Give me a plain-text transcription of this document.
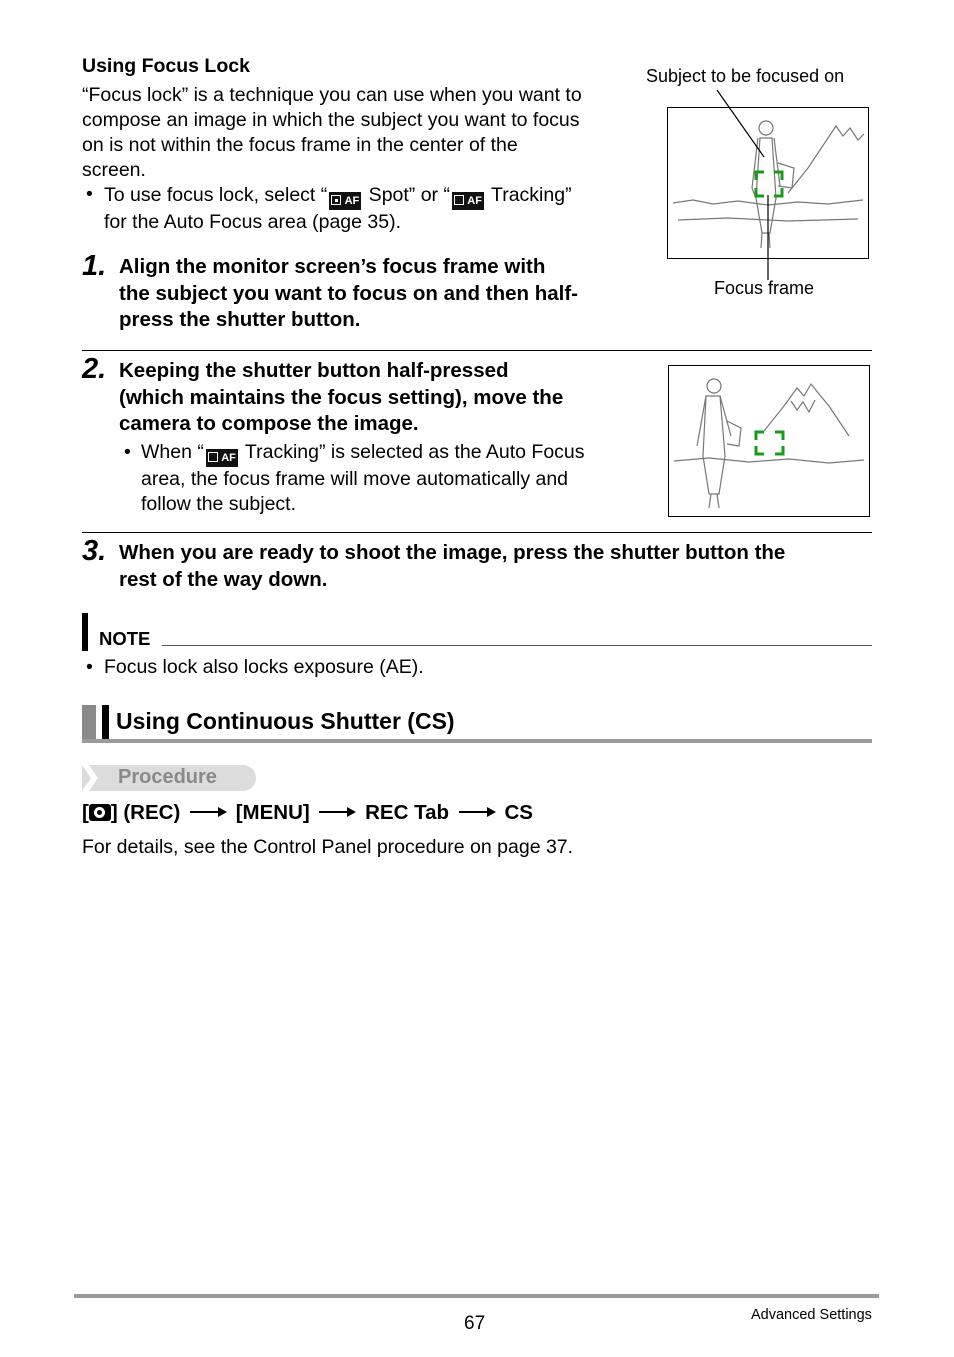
Using Focus Lock
“Focus lock” is a technique you can use when you want to
compose an image in which the subject you want to focus
on is not within the focus frame in the center of the
screen.
• To use focus lock, select “ AF Spot” or “ AF Tracking”
for the Auto Focus area (page 35).
Subject to be focused on
Focus frame
1. Align the monitor screen’s focus frame with
the subject you want to focus on and then half-
press the shutter button.
2. Keeping the shutter button half-pressed
(which maintains the focus setting), move the
camera to compose the image.
• When “ AF Tracking” is selected as the Auto Focus
area, the focus frame will move automatically and
follow the subject.
3. When you are ready to shoot the image, press the shutter button the
rest of the way down.
NOTE
• Focus lock also locks exposure (AE).
Using Continuous Shutter (CS)
Procedure
[ ] (REC)	[MENU]	REC Tab	CS
For details, see the Control Panel procedure on page 37.
67	Advanced Settings
